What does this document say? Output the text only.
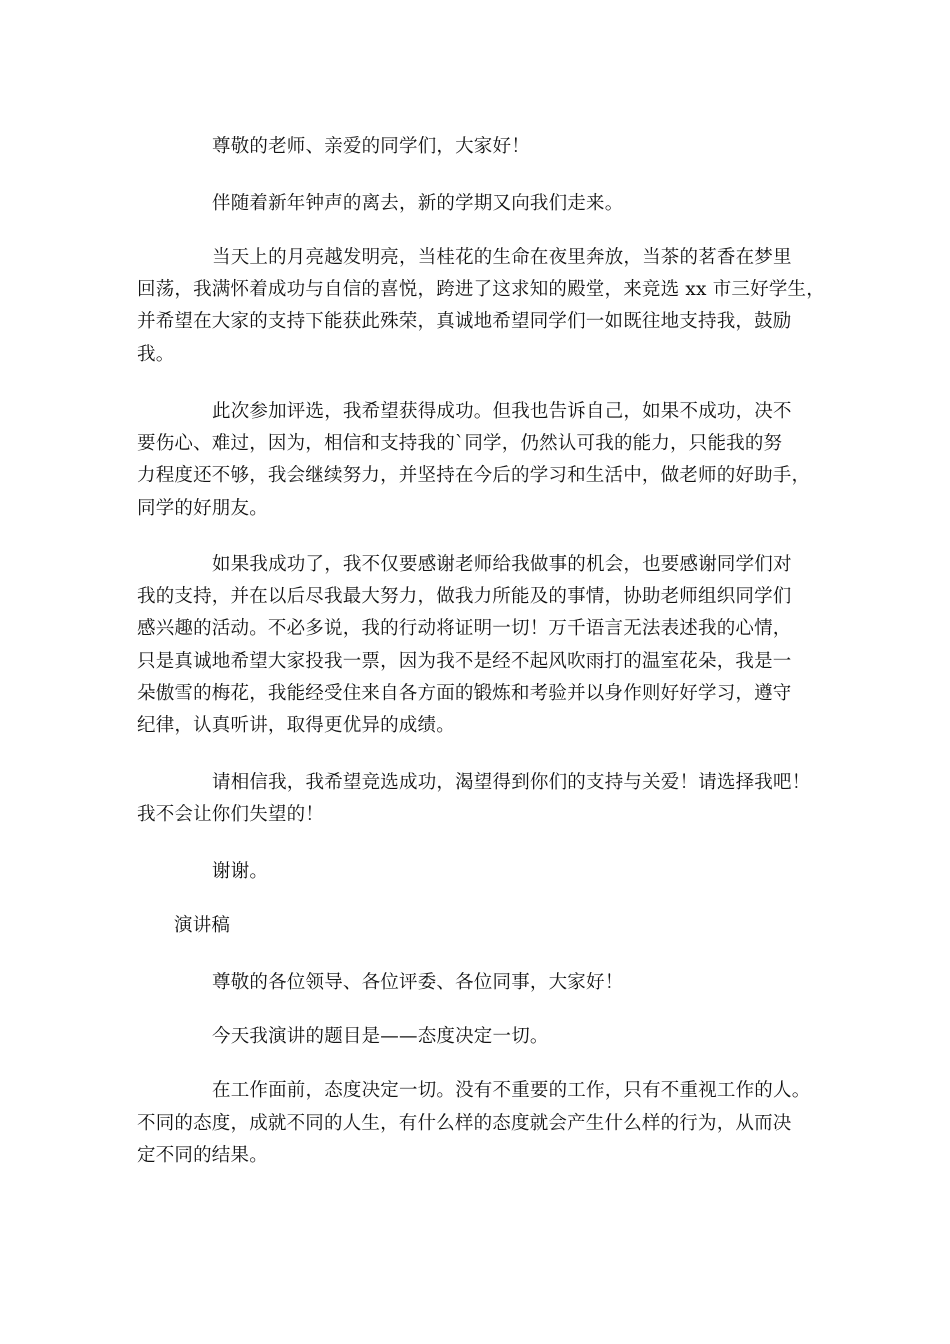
尊敬的老师、亲爱的同学们，大家好！
伴随着新年钟声的离去，新的学期又向我们走来。
当天上的月亮越发明亮，当桂花的生命在夜里奔放，当茶的茗香在梦里
回荡，我满怀着成功与自信的喜悦，跨进了这求知的殿堂，来竞选 xx 市三好学生，
并希望在大家的支持下能获此殊荣，真诚地希望同学们一如既往地支持我，鼓励
我。
此次参加评选，我希望获得成功。但我也告诉自己，如果不成功，决不
要伤心、难过，因为，相信和支持我的`同学，仍然认可我的能力，只能我的努
力程度还不够，我会继续努力，并坚持在今后的学习和生活中，做老师的好助手，
同学的好朋友。
如果我成功了，我不仅要感谢老师给我做事的机会，也要感谢同学们对
我的支持，并在以后尽我最大努力，做我力所能及的事情，协助老师组织同学们
感兴趣的活动。不必多说，我的行动将证明一切！万千语言无法表述我的心情，
只是真诚地希望大家投我一票，因为我不是经不起风吹雨打的温室花朵，我是一
朵傲雪的梅花，我能经受住来自各方面的锻炼和考验并以身作则好好学习，遵守
纪律，认真听讲，取得更优异的成绩。
请相信我，我希望竞选成功，渴望得到你们的支持与关爱！请选择我吧！
我不会让你们失望的！
谢谢。
演讲稿
尊敬的各位领导、各位评委、各位同事，大家好！
今天我演讲的题目是——态度决定一切。
在工作面前，态度决定一切。没有不重要的工作，只有不重视工作的人。
不同的态度，成就不同的人生，有什么样的态度就会产生什么样的行为，从而决
定不同的结果。
